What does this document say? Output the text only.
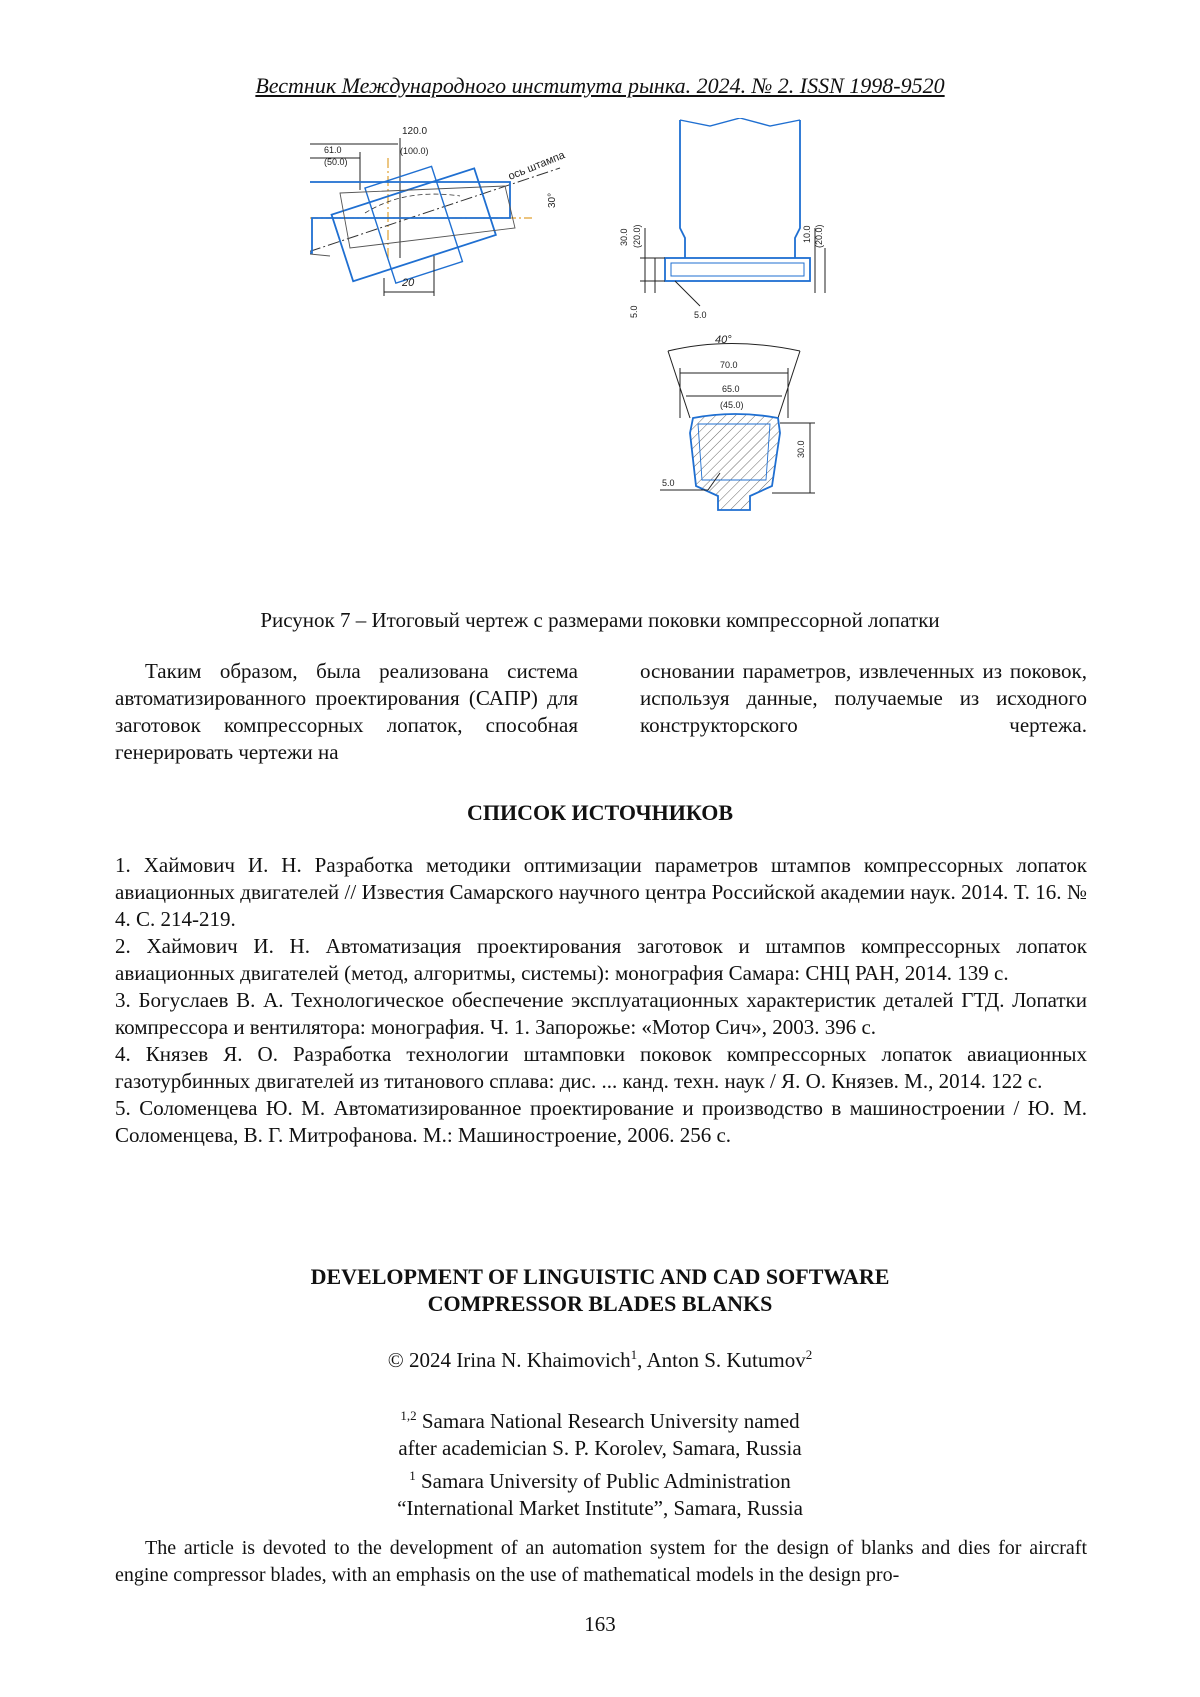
Вестник Международного института рынка. 2024. № 2. ISSN 1998-9520
120.0
(100.0)
61.0
(50.0)	ось штампа
30°
20
30.0 (20.0)
5.0
10.0 (20.0)
5.0
40°
70.0
65.0
(45.0)
30.0
5.0
Рисунок 7 – Итоговый чертеж с размерами поковки компрессорной лопатки
Таким образом, была реализована система автоматизированного проектирования (САПР) для заготовок компрессорных лопаток, способная генерировать чертежи на
основании параметров, извлеченных из поковок, используя данные, получаемые из исходного конструкторского чертежа.
СПИСОК ИСТОЧНИКОВ

1. Хаймович И. Н. Разработка методики оптимизации параметров штампов компрессорных лопаток авиационных двигателей // Известия Самарского научного центра Российской академии наук. 2014. Т. 16. № 4. С. 214-219.

2. Хаймович И. Н. Автоматизация проектирования заготовок и штампов компрессорных лопаток авиационных двигателей (метод, алгоритмы, системы): монография Самара: СНЦ РАН, 2014. 139 с.

3. Богуслаев В. А. Технологическое обеспечение эксплуатационных характеристик деталей ГТД. Лопатки компрессора и вентилятора: монография. Ч. 1. Запорожье: «Мотор Сич», 2003. 396 с.

4. Князев Я. О. Разработка технологии штамповки поковок компрессорных лопаток авиационных газотурбинных двигателей из титанового сплава: дис. ... канд. техн. наук / Я. О. Князев. М., 2014. 122 с.

5. Соломенцева Ю. М. Автоматизированное проектирование и производство в машиностроении / Ю. М. Соломенцева, В. Г. Митрофанова. М.: Машиностроение, 2006. 256 с.

DEVELOPMENT OF LINGUISTIC AND CAD SOFTWARE
COMPRESSOR BLADES BLANKS
© 2024 Irina N. Khaimovich$^1$, Anton S. Kutumov$^2$
$^{1,2}$ Samara National Research University named
after academician S. P. Korolev, Samara, Russia
$^1$ Samara University of Public Administration
“International Market Institute”, Samara, Russia
The article is devoted to the development of an automation system for the design of blanks and dies for aircraft engine compressor blades, with an emphasis on the use of mathematical models in the design pro-
163
